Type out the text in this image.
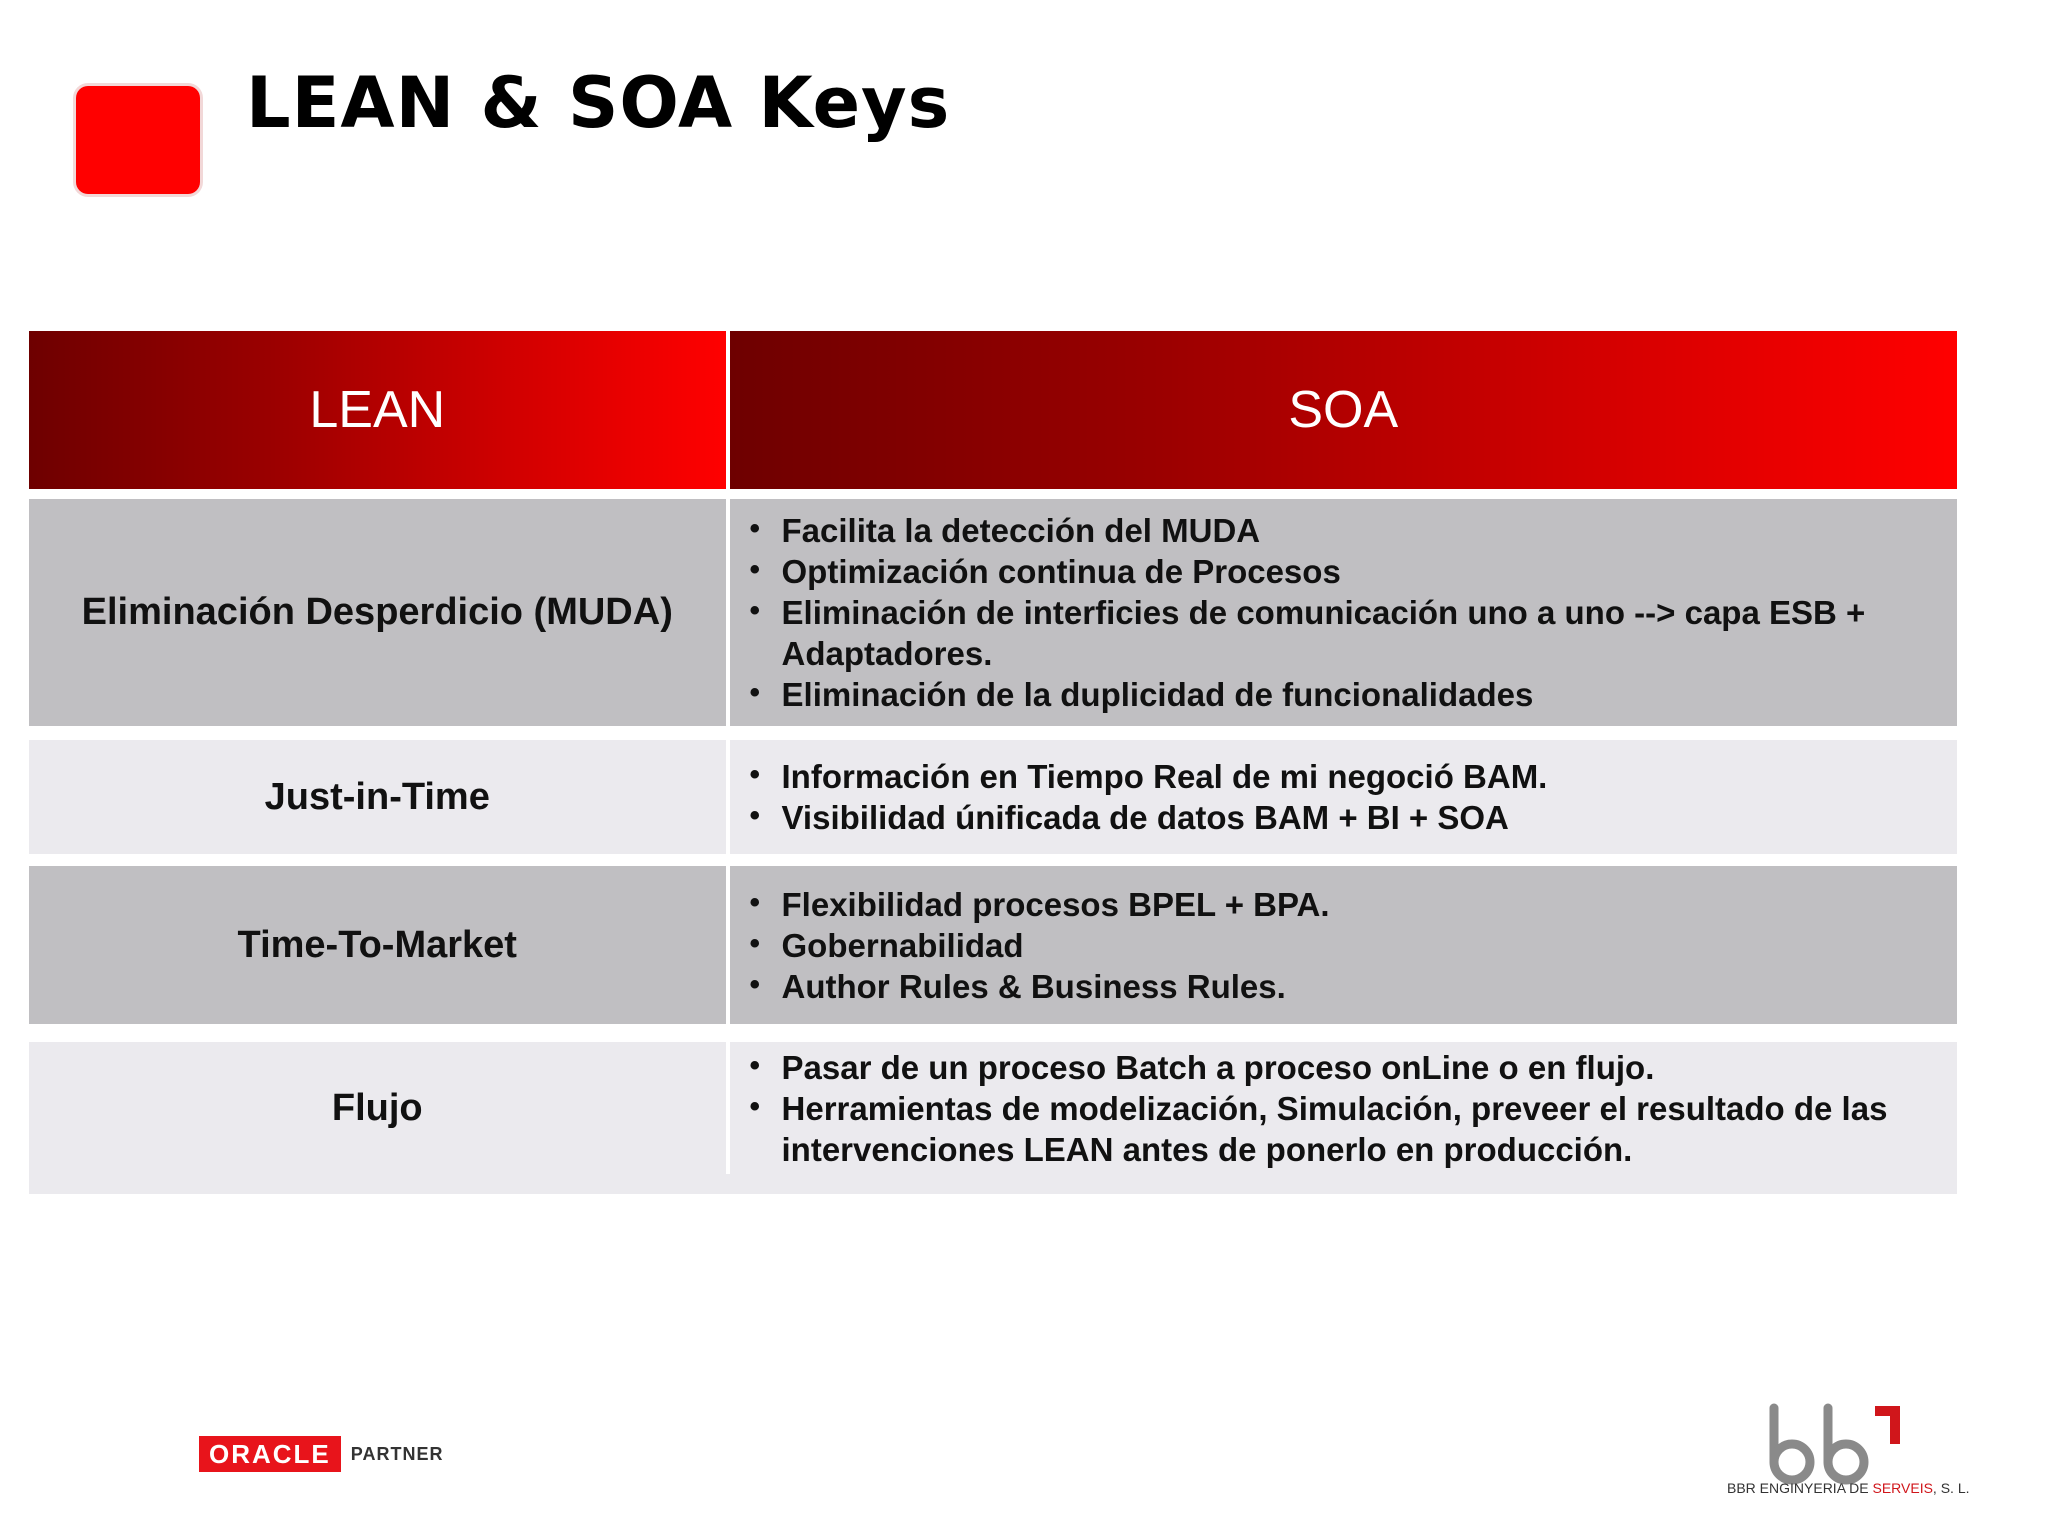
LEAN & SOA Keys
LEAN	SOA
Eliminación Desperdicio (MUDA)
• Facilita la detección del MUDA
• Optimización continua de Procesos
• Eliminación de interficies de comunicación uno a uno --> capa ESB + Adaptadores.
• Eliminación de la duplicidad de funcionalidades
Just-in-Time
•	Información en Tiempo Real de mi negoció BAM.
• Visibilidad únificada de datos BAM + BI + SOA
Time-To-Market
• Flexibilidad procesos BPEL + BPA.
• Gobernabilidad
• Author Rules & Business Rules.
Flujo
• Pasar de un proceso Batch a proceso onLine o en flujo.
• Herramientas de modelización, Simulación, preveer el resultado de las intervenciones LEAN antes de ponerlo en producción.
ORACLE	PARTNER
BBR ENGINYERIA DE SERVEIS, S. L.
